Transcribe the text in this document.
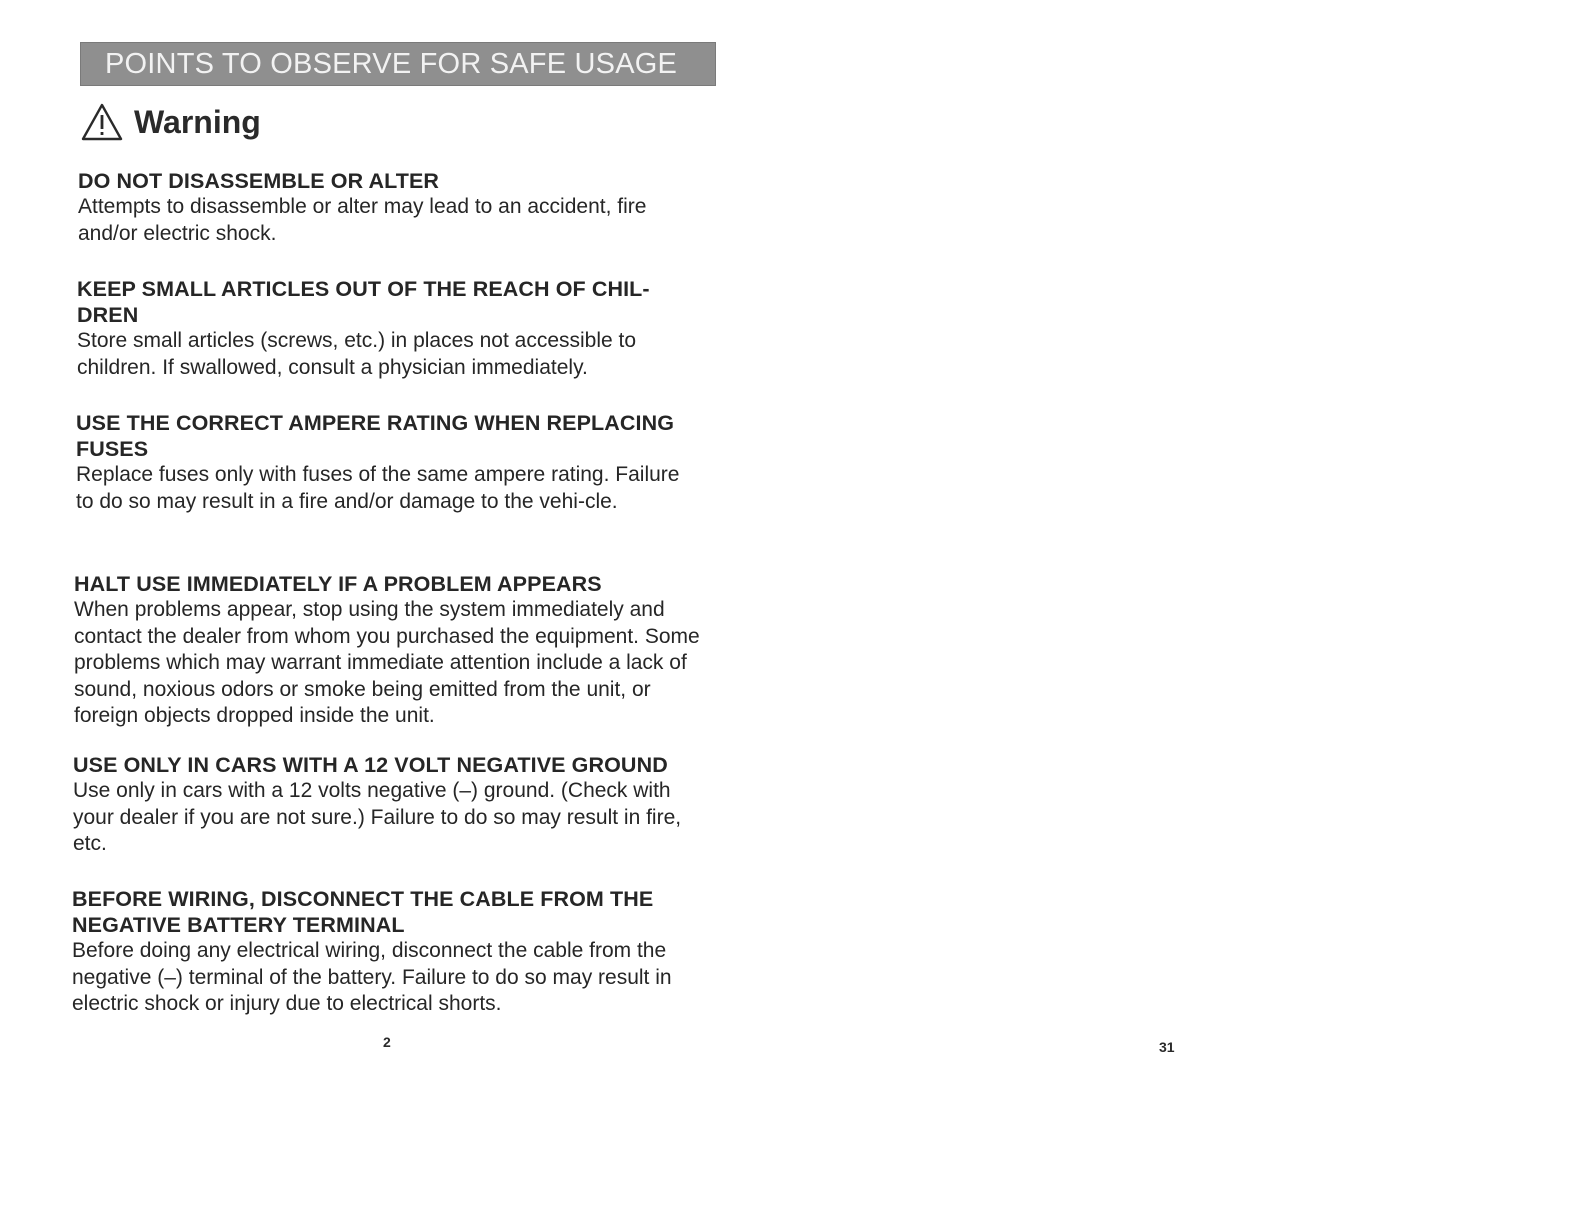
POINTS TO OBSERVE FOR SAFE USAGE
Warning
DO NOT DISASSEMBLE OR ALTER

Attempts to disassemble or alter may lead to an accident, fire and/or electric shock.

KEEP SMALL ARTICLES OUT OF THE REACH OF CHIL-DREN

Store small articles (screws, etc.) in places not accessible to children. If swallowed, consult a physician immediately.

USE THE CORRECT AMPERE RATING WHEN REPLACING FUSES

Replace fuses only with fuses of the same ampere rating. Failure to do so may result in a fire and/or damage to the vehi-cle.

HALT USE IMMEDIATELY IF A PROBLEM APPEARS

When problems appear, stop using the system immediately and contact the dealer from whom you purchased the equipment. Some problems which may warrant immediate attention include a lack of sound, noxious odors or smoke being emitted from the unit, or foreign objects dropped inside the unit.

USE ONLY IN CARS WITH A 12 VOLT NEGATIVE GROUND

Use only in cars with a 12 volts negative (–) ground. (Check with your dealer if you are not sure.) Failure to do so may result in fire, etc.

BEFORE WIRING, DISCONNECT THE CABLE FROM THE NEGATIVE BATTERY TERMINAL

Before doing any electrical wiring, disconnect the cable from the negative (–) terminal of the battery. Failure to do so may result in electric shock or injury due to electrical shorts.

2	31
